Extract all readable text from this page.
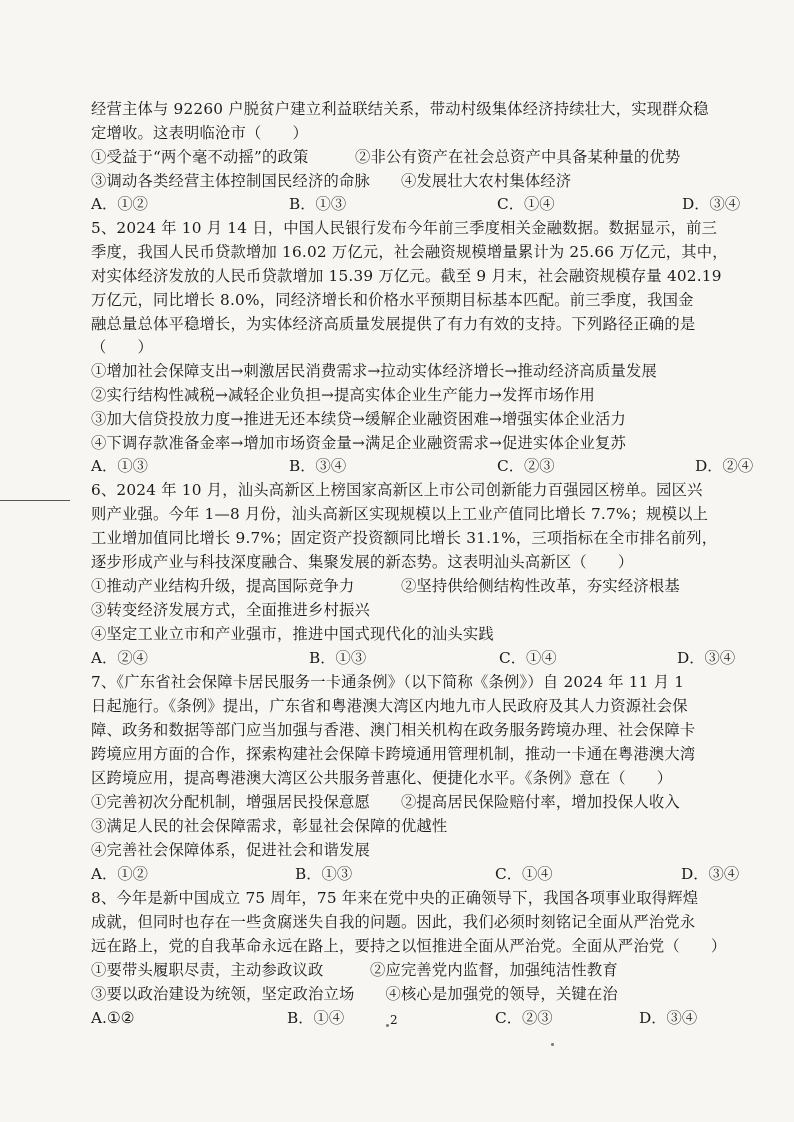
经营主体与 92260 户脱贫户建立利益联结关系，带动村级集体经济持续壮大，实现群众稳
定增收。这表明临沧市（　　）
①受益于“两个毫不动摇”的政策　　　②非公有资产在社会总资产中具备某种量的优势
③调动各类经营主体控制国民经济的命脉　　④发展壮大农村集体经济
A．①②	B．①③	C．①④	D．③④
5、2024 年 10 月 14 日，中国人民银行发布今年前三季度相关金融数据。数据显示，前三
季度，我国人民币贷款增加 16.02 万亿元，社会融资规模增量累计为 25.66 万亿元，其中，
对实体经济发放的人民币贷款增加 15.39 万亿元。截至 9 月末，社会融资规模存量 402.19
万亿元，同比增长 8.0%，同经济增长和价格水平预期目标基本匹配。前三季度，我国金
融总量总体平稳增长，为实体经济高质量发展提供了有力有效的支持。下列路径正确的是
（　　）
①增加社会保障支出→刺激居民消费需求→拉动实体经济增长→推动经济高质量发展
②实行结构性减税→减轻企业负担→提高实体企业生产能力→发挥市场作用
③加大信贷投放力度→推进无还本续贷→缓解企业融资困难→增强实体企业活力
④下调存款准备金率→增加市场资金量→满足企业融资需求→促进实体企业复苏
A．①③	B．③④	C．②③	D．②④
6、2024 年 10 月，汕头高新区上榜国家高新区上市公司创新能力百强园区榜单。园区兴
则产业强。今年 1—8 月份，汕头高新区实现规模以上工业产值同比增长 7.7%；规模以上
工业增加值同比增长 9.7%；固定资产投资额同比增长 31.1%，三项指标在全市排名前列，
逐步形成产业与科技深度融合、集聚发展的新态势。这表明汕头高新区（　　）
①推动产业结构升级，提高国际竞争力　　　②坚持供给侧结构性改革，夯实经济根基
③转变经济发展方式，全面推进乡村振兴
④坚定工业立市和产业强市，推进中国式现代化的汕头实践
A．②④	B．①③	C．①④	D．③④
7、《广东省社会保障卡居民服务一卡通条例》（以下简称《条例》）自 2024 年 11 月 1
日起施行。《条例》提出，广东省和粤港澳大湾区内地九市人民政府及其人力资源社会保
障、政务和数据等部门应当加强与香港、澳门相关机构在政务服务跨境办理、社会保障卡
跨境应用方面的合作，探索构建社会保障卡跨境通用管理机制，推动一卡通在粤港澳大湾
区跨境应用，提高粤港澳大湾区公共服务普惠化、便捷化水平。《条例》意在（　　）
①完善初次分配机制，增强居民投保意愿　　②提高居民保险赔付率，增加投保人收入
③满足人民的社会保障需求，彰显社会保障的优越性
④完善社会保障体系，促进社会和谐发展
A．①②	B．①③	C．①④	D．③④
8、今年是新中国成立 75 周年，75 年来在党中央的正确领导下，我国各项事业取得辉煌
成就，但同时也存在一些贪腐迷失自我的问题。因此，我们必须时刻铭记全面从严治党永
远在路上，党的自我革命永远在路上，要持之以恒推进全面从严治党。全面从严治党（　　）
①要带头履职尽责，主动参政议政　　　②应完善党内监督，加强纯洁性教育
③要以政治建设为统领，坚定政治立场　　④核心是加强党的领导，关键在治
A.①②	B．①④	C．②③	D．③④
2
